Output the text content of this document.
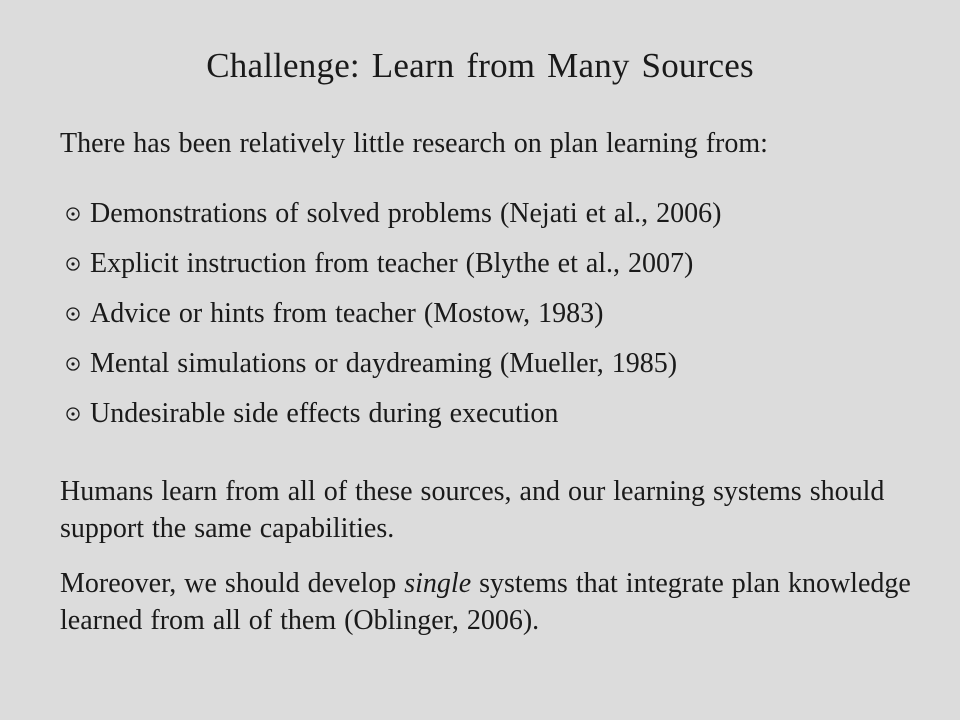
Challenge: Learn from Many Sources
There has been relatively little research on plan learning from:
Demonstrations of solved problems (Nejati et al., 2006)
Explicit instruction from teacher (Blythe et al., 2007)
Advice or hints from teacher (Mostow, 1983)
Mental simulations or daydreaming (Mueller, 1985)
Undesirable side effects during execution
Humans learn from all of these sources, and our learning systems should support the same capabilities.
Moreover, we should develop single systems that integrate plan knowledge learned from all of them (Oblinger, 2006).
